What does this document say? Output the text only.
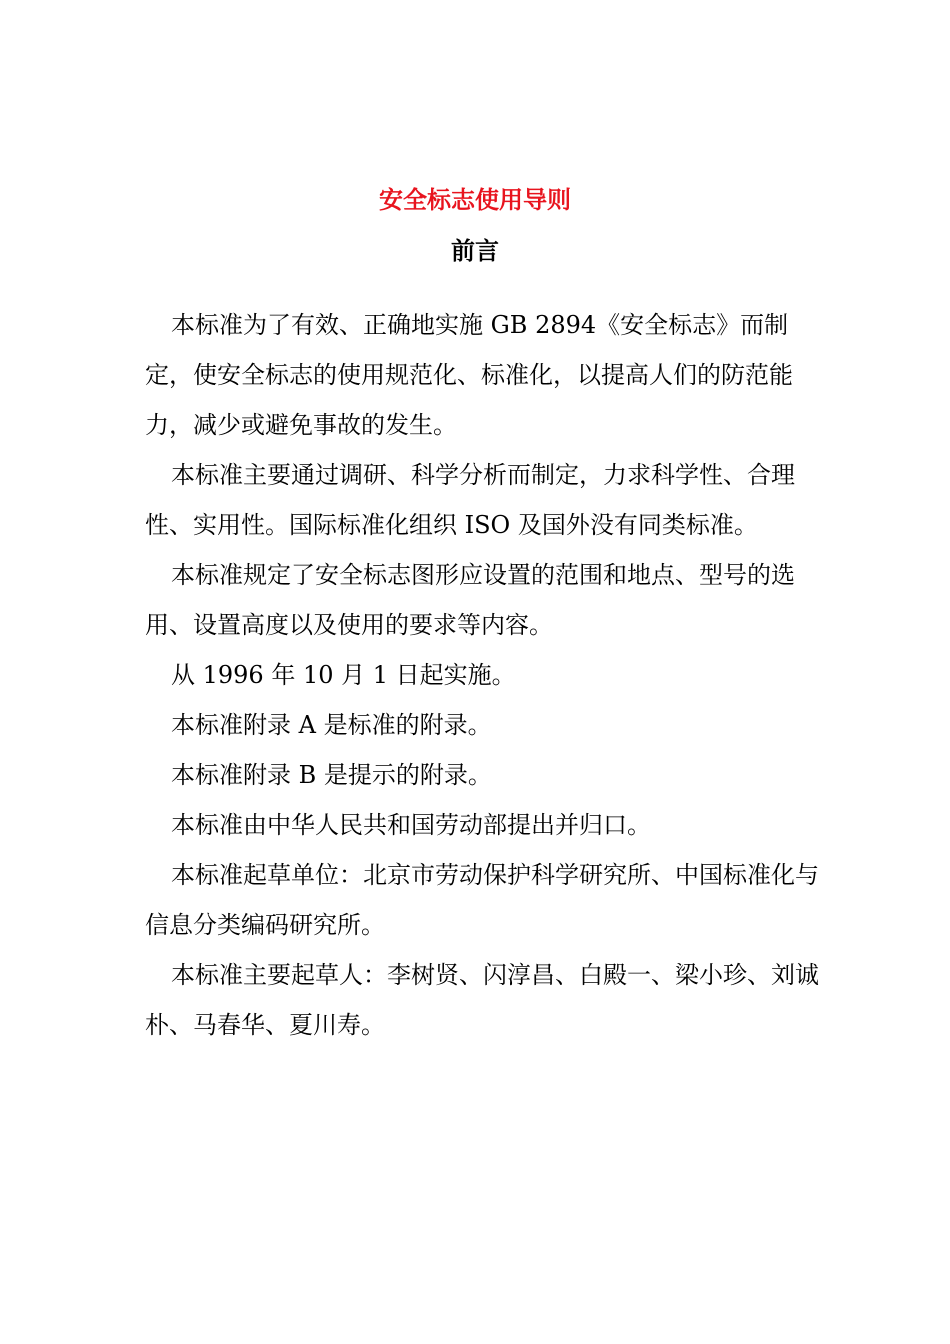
安全标志使用导则
前言

本标准为了有效、正确地实施 GB 2894《安全标志》而制定，使安全标志的使用规范化、标准化，以提高人们的防范能力，减少或避免事故的发生。

本标准主要通过调研、科学分析而制定，力求科学性、合理性、实用性。国际标准化组织 ISO 及国外没有同类标准。

本标准规定了安全标志图形应设置的范围和地点、型号的选用、设置高度以及使用的要求等内容。

从 1996 年 10 月 1 日起实施。

本标准附录 A 是标准的附录。

本标准附录 B 是提示的附录。

本标准由中华人民共和国劳动部提出并归口。

本标准起草单位：北京市劳动保护科学研究所、中国标准化与信息分类编码研究所。

本标准主要起草人：李树贤、闪淳昌、白殿一、梁小珍、刘诚朴、马春华、夏川寿。
